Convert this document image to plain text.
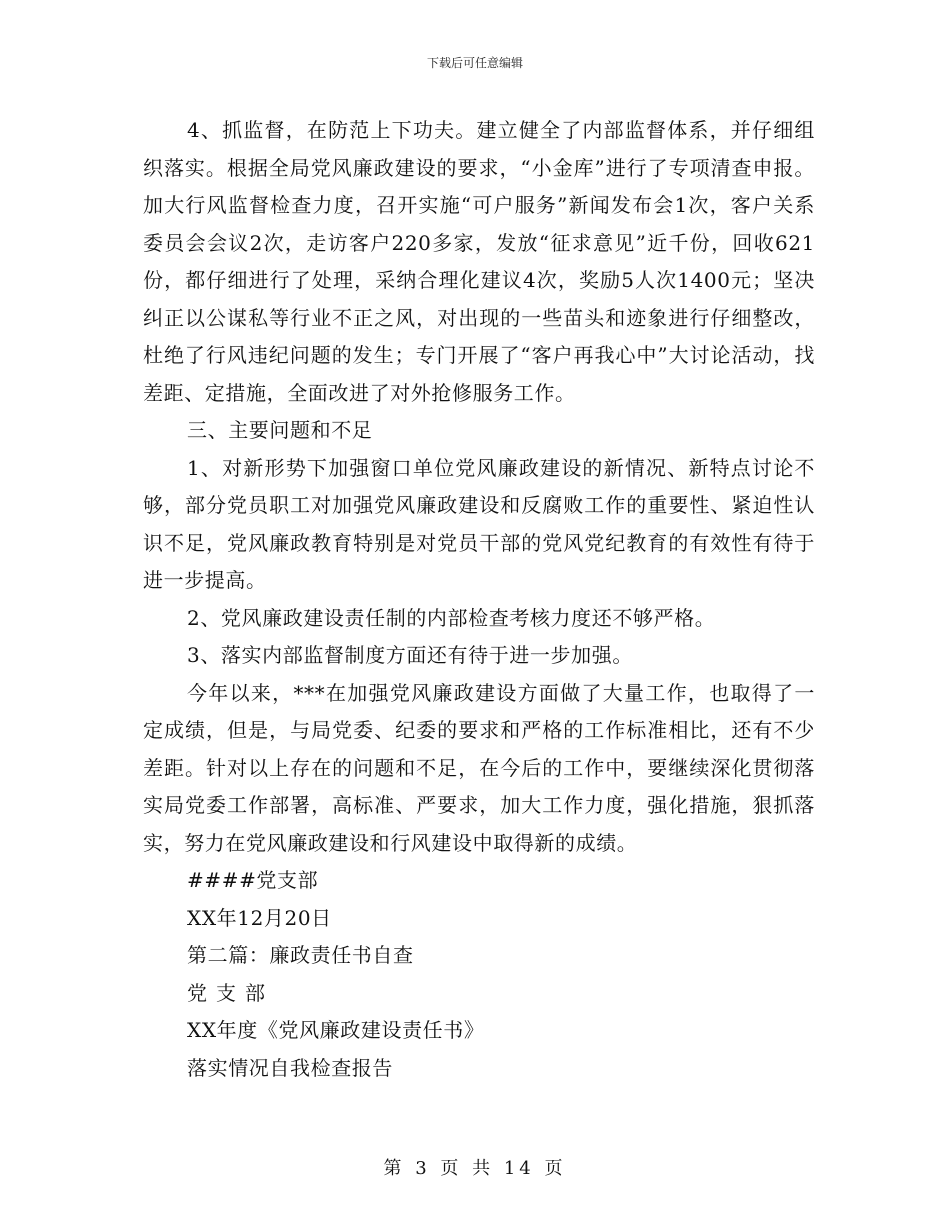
下载后可任意编辑

4、抓监督，在防范上下功夫。建立健全了内部监督体系，并仔细组织落实。根据全局党风廉政建设的要求，“小金库”进行了专项清查申报。加大行风监督检查力度，召开实施“可户服务”新闻发布会1次，客户关系委员会会议2次，走访客户220多家，发放“征求意见”近千份，回收621份，都仔细进行了处理，采纳合理化建议4次，奖励5人次1400元；坚决纠正以公谋私等行业不正之风，对出现的一些苗头和迹象进行仔细整改，杜绝了行风违纪问题的发生；专门开展了“客户再我心中”大讨论活动，找差距、定措施，全面改进了对外抢修服务工作。

三、主要问题和不足

1、对新形势下加强窗口单位党风廉政建设的新情况、新特点讨论不够，部分党员职工对加强党风廉政建设和反腐败工作的重要性、紧迫性认识不足，党风廉政教育特别是对党员干部的党风党纪教育的有效性有待于进一步提高。

2、党风廉政建设责任制的内部检查考核力度还不够严格。

3、落实内部监督制度方面还有待于进一步加强。

今年以来，***在加强党风廉政建设方面做了大量工作，也取得了一定成绩，但是，与局党委、纪委的要求和严格的工作标准相比，还有不少差距。针对以上存在的问题和不足，在今后的工作中，要继续深化贯彻落实局党委工作部署，高标准、严要求，加大工作力度，强化措施，狠抓落实，努力在党风廉政建设和行风建设中取得新的成绩。

####党支部

XX年12月20日

第二篇：廉政责任书自查

党支部

XX年度《党风廉政建设责任书》

落实情况自我检查报告

第 3 页 共 14 页
